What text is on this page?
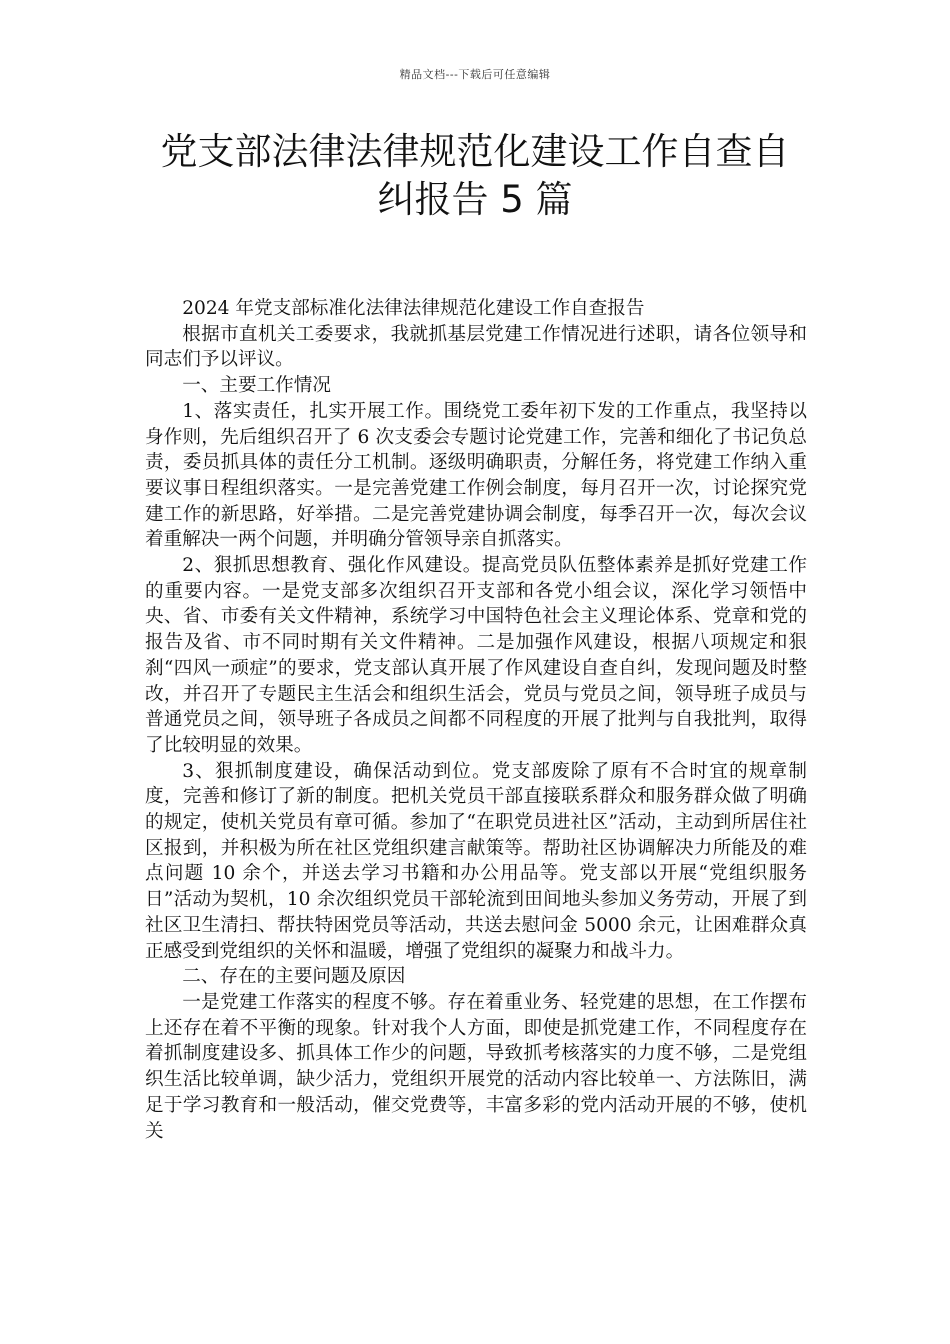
精品文档---下载后可任意编辑
党支部法律法律规范化建设工作自查自
纠报告 5 篇

2024 年党支部标准化法律法律规范化建设工作自查报告

根据市直机关工委要求，我就抓基层党建工作情况进行述职，请各位领导和同志们予以评议。

一、主要工作情况

1、落实责任，扎实开展工作。围绕党工委年初下发的工作重点，我坚持以身作则，先后组织召开了 6 次支委会专题讨论党建工作，完善和细化了书记负总责，委员抓具体的责任分工机制。逐级明确职责，分解任务，将党建工作纳入重要议事日程组织落实。一是完善党建工作例会制度，每月召开一次，讨论探究党建工作的新思路，好举措。二是完善党建协调会制度，每季召开一次，每次会议着重解决一两个问题，并明确分管领导亲自抓落实。

2、狠抓思想教育、强化作风建设。提高党员队伍整体素养是抓好党建工作的重要内容。一是党支部多次组织召开支部和各党小组会议，深化学习领悟中央、省、市委有关文件精神，系统学习中国特色社会主义理论体系、党章和党的报告及省、市不同时期有关文件精神。二是加强作风建设，根据八项规定和狠刹“四风一顽症”的要求，党支部认真开展了作风建设自查自纠，发现问题及时整改，并召开了专题民主生活会和组织生活会，党员与党员之间，领导班子成员与普通党员之间，领导班子各成员之间都不同程度的开展了批判与自我批判，取得了比较明显的效果。

3、狠抓制度建设，确保活动到位。党支部废除了原有不合时宜的规章制度，完善和修订了新的制度。把机关党员干部直接联系群众和服务群众做了明确的规定，使机关党员有章可循。参加了“在职党员进社区”活动，主动到所居住社区报到，并积极为所在社区党组织建言献策等。帮助社区协调解决力所能及的难点问题 10 余个，并送去学习书籍和办公用品等。党支部以开展“党组织服务日”活动为契机，10 余次组织党员干部轮流到田间地头参加义务劳动，开展了到社区卫生清扫、帮扶特困党员等活动，共送去慰问金 5000 余元，让困难群众真正感受到党组织的关怀和温暖，增强了党组织的凝聚力和战斗力。

二、存在的主要问题及原因

一是党建工作落实的程度不够。存在着重业务、轻党建的思想，在工作摆布上还存在着不平衡的现象。针对我个人方面，即使是抓党建工作，不同程度存在着抓制度建设多、抓具体工作少的问题，导致抓考核落实的力度不够，二是党组织生活比较单调，缺少活力，党组织开展党的活动内容比较单一、方法陈旧，满足于学习教育和一般活动，催交党费等，丰富多彩的党内活动开展的不够，使机关
